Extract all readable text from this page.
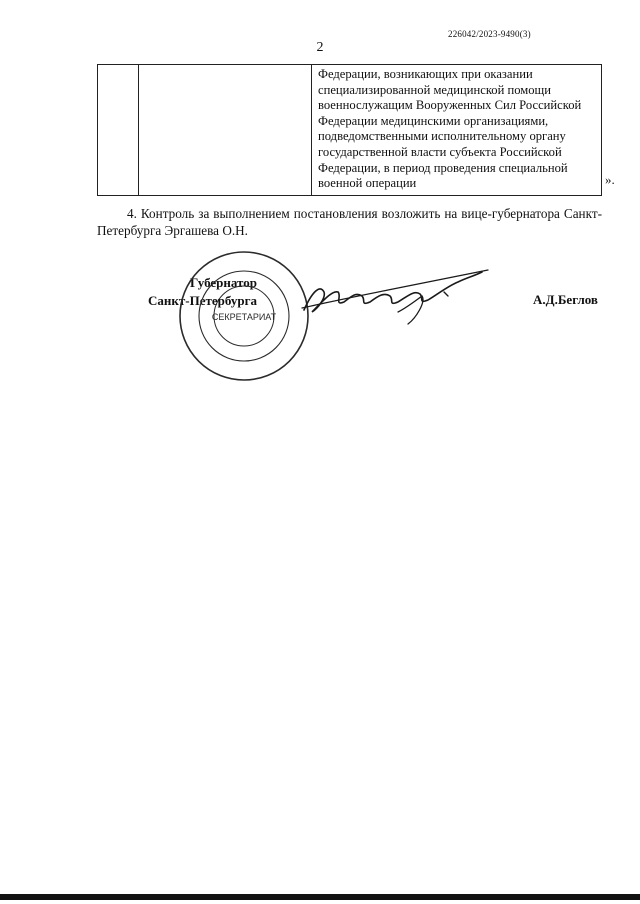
226042/2023-9490(3)
2

Федерации, возникающих при оказании
специализированной медицинской помощи
военнослужащим Вооруженных Сил Российской
Федерации медицинскими организациями,
подведомственными исполнительному органу
государственной власти субъекта Российской
Федерации, в период проведения специальной
военной операции	».
4. Контроль за выполнением постановления возложить на вице-губернатора Санкт-Петербурга Эргашева О.Н.
Губернатор
Санкт-Петербурга
СЕКРЕТАРИАТ
А.Д.Беглов
